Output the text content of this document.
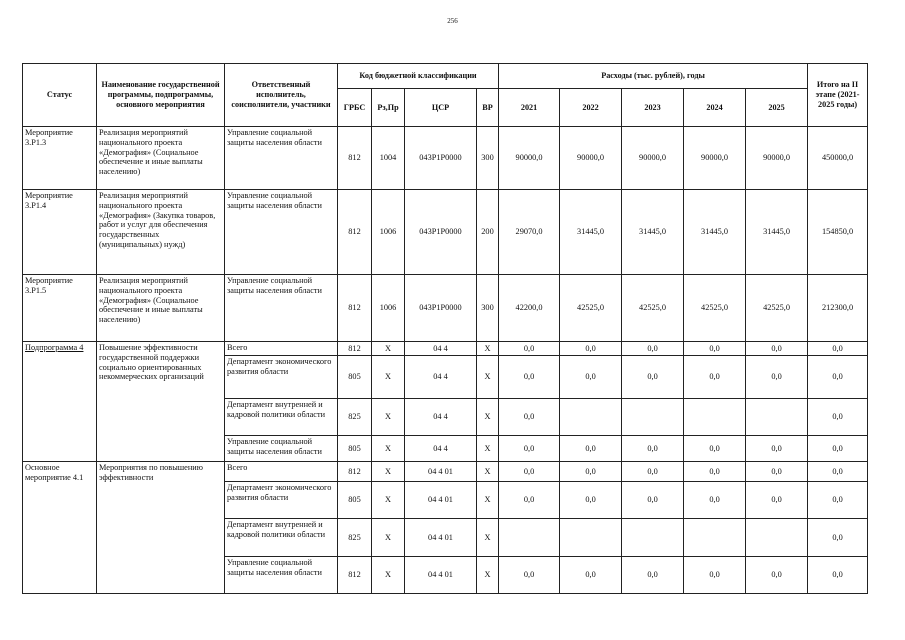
256
Статус	Наименование государственной программы, подпрограммы, основного мероприятия	Ответственный исполнитель, соисполнители, участники	Код бюджетной классификации				Расходы (тыс. рублей), годы					Итого на II этапе (2021-2025 годы)
			ГРБС	Рз,Пр	ЦСР	ВР	2021	2022	2023	2024	2025	
Мероприятие 3.Р1.3	Реализация мероприятий национального проекта «Демография» (Социальное обеспечение и иные выплаты населению)	Управление социальной защиты населения области	812	1004	043Р1Р0000	300	90000,0	90000,0	90000,0	90000,0	90000,0	450000,0
Мероприятие 3.Р1.4	Реализация мероприятий национального проекта «Демография» (Закупка товаров, работ и услуг для обеспечения государственных (муниципальных) нужд)	Управление социальной защиты населения области	812	1006	043Р1Р0000	200	29070,0	31445,0	31445,0	31445,0	31445,0	154850,0
Мероприятие 3.Р1.5	Реализация мероприятий национального проекта «Демография» (Социальное обеспечение и иные выплаты населению)	Управление социальной защиты населения области	812	1006	043Р1Р0000	300	42200,0	42525,0	42525,0	42525,0	42525,0	212300,0
Подпрограмма 4	Повышение эффективности государственной поддержки социально ориентированных некоммерческих организаций	Всего	812	Х	04 4	Х	0,0	0,0	0,0	0,0	0,0	0,0
		Департамент экономического развития области	805	Х	04 4	Х	0,0	0,0	0,0	0,0	0,0	0,0
		Департамент внутренней и кадровой политики области	825	Х	04 4	Х	0,0					0,0
		Управление социальной защиты населения области	805	Х	04 4	Х	0,0	0,0	0,0	0,0	0,0	0,0
Основное мероприятие 4.1	Мероприятия по повышению эффективности	Всего	812	Х	04 4 01	Х	0,0	0,0	0,0	0,0	0,0	0,0
		Департамент экономического развития области	805	Х	04 4 01	Х	0,0	0,0	0,0	0,0	0,0	0,0
		Департамент внутренней и кадровой политики области	825	Х	04 4 01	Х						0,0
		Управление социальной защиты населения области	812	Х	04 4 01	Х	0,0	0,0	0,0	0,0	0,0	0,0
